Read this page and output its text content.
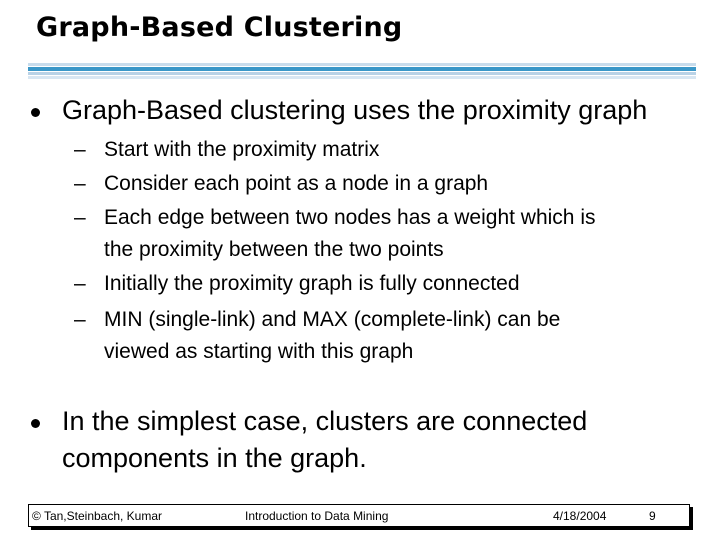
Graph-Based Clustering
Graph-Based clustering uses the proximity graph
– Start with the proximity matrix
– Consider each point as a node in a graph
– Each edge between two nodes has a weight which is
the proximity between the two points
– Initially the proximity graph is fully connected
– MIN (single-link) and MAX (complete-link) can be
viewed as starting with this graph
In the simplest case, clusters are connected
components in the graph.
© Tan,Steinbach, Kumar	Introduction to Data Mining	4/18/2004	9
